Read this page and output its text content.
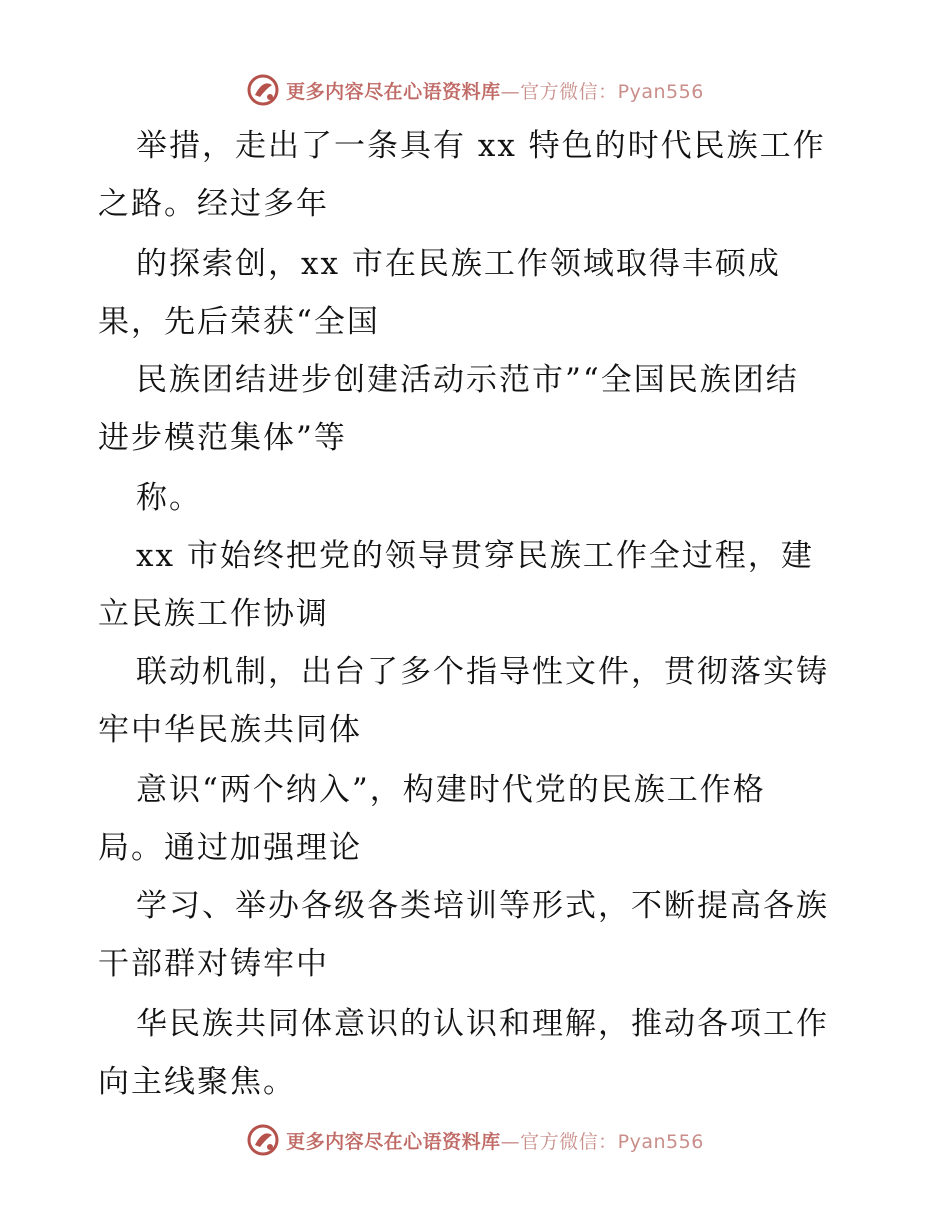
更多内容尽在心语资料库—官方微信：Pyan556
举措，走出了一条具有 xx 特色的时代民族工作
之路。经过多年
的探索创，xx 市在民族工作领域取得丰硕成
果，先后荣获“全国
民族团结进步创建活动示范市”“全国民族团结
进步模范集体”等
称。
xx 市始终把党的领导贯穿民族工作全过程，建
立民族工作协调
联动机制，出台了多个指导性文件，贯彻落实铸
牢中华民族共同体
意识“两个纳入”，构建时代党的民族工作格
局。通过加强理论
学习、举办各级各类培训等形式，不断提高各族
干部群对铸牢中
华民族共同体意识的认识和理解，推动各项工作
向主线聚焦。
更多内容尽在心语资料库—官方微信：Pyan556
